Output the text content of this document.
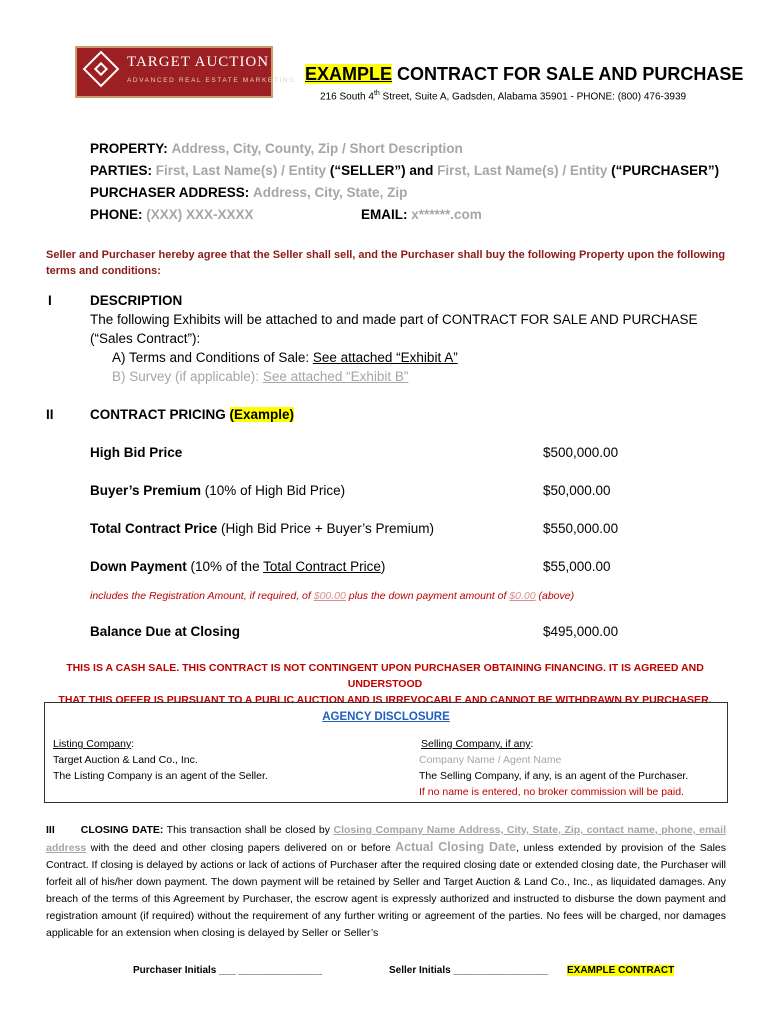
TARGET AUCTION
ADVANCED REAL ESTATE MARKETING EXAMPLE CONTRACT FOR SALE AND PURCHASE
216 South 4th Street, Suite A, Gadsden, Alabama 35901 - PHONE: (800) 476-3939
PROPERTY: Address, City, County, Zip / Short Description
PARTIES: First, Last Name(s) / Entity (“SELLER”) and First, Last Name(s) / Entity (“PURCHASER”)
PURCHASER ADDRESS: Address, City, State, Zip
PHONE: (XXX) XXX-XXXX	EMAIL: x******.com
Seller and Purchaser hereby agree that the Seller shall sell, and the Purchaser shall buy the following Property upon the following terms and conditions:
I	DESCRIPTION
The following Exhibits will be attached to and made part of CONTRACT FOR SALE AND PURCHASE
(“Sales Contract”):
A) Terms and Conditions of Sale: See attached “Exhibit A”
B) Survey (if applicable): See attached “Exhibit B”
II	CONTRACT PRICING (Example)
High Bid Price	$500,000.00
Buyer’s Premium (10% of High Bid Price)	$50,000.00
Total Contract Price (High Bid Price + Buyer’s Premium)	$550,000.00
Down Payment (10% of the Total Contract Price)	$55,000.00
includes the Registration Amount, if required, of $00.00 plus the down payment amount of $0.00 (above)
Balance Due at Closing	$495,000.00
THIS IS A CASH SALE. THIS CONTRACT IS NOT CONTINGENT UPON PURCHASER OBTAINING FINANCING. IT IS AGREED AND UNDERSTOOD
THAT THIS OFFER IS PURSUANT TO A PUBLIC AUCTION AND IS IRREVOCABLE AND CANNOT BE WITHDRAWN BY PURCHASER.
AGENCY DISCLOSURE
Listing Company:
Target Auction & Land Co., Inc.
The Listing Company is an agent of the Seller.
Selling Company, if any:
Company Name / Agent Name
The Selling Company, if any, is an agent of the Purchaser.
If no name is entered, no broker commission will be paid.
III CLOSING DATE: This transaction shall be closed by Closing Company Name Address, City, State, Zip, contact name, phone, email address with the deed and other closing papers delivered on or before Actual Closing Date, unless extended by provision of the Sales Contract. If closing is delayed by actions or lack of actions of Purchaser after the required closing date or extended closing date, the Purchaser will forfeit all of his/her down payment. The down payment will be retained by Seller and Target Auction & Land Co., Inc., as liquidated damages. Any breach of the terms of this Agreement by Purchaser, the escrow agent is expressly authorized and instructed to disburse the down payment and registration amount (if required) without the requirement of any further writing or agreement of the parties. No fees will be charged, nor damages applicable for an extension when closing is delayed by Seller or Seller’s
Purchaser Initials ___ _______________	Seller Initials _________________ EXAMPLE CONTRACT
